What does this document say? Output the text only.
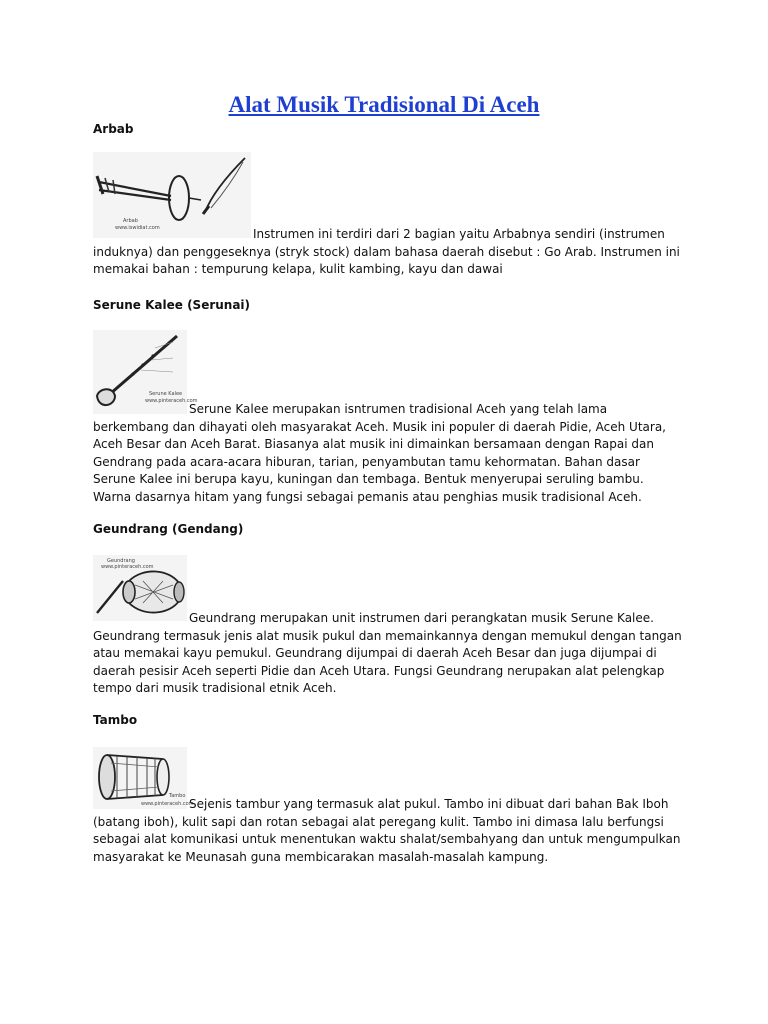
Alat Musik Tradisional Di Aceh

Arbab

Arbab
www.iswidiat.com	Instrumen ini terdiri dari 2 bagian yaitu Arbabnya sendiri (instrumen induknya) dan penggeseknya (stryk stock) dalam bahasa daerah disebut : Go Arab. Instrumen ini memakai bahan : tempurung kelapa, kulit kambing, kayu dan dawai

Serune Kalee (Serunai)

Serune Kalee
www.pinteraceh.com

Serune Kalee merupakan isntrumen tradisional Aceh yang telah lama berkembang dan dihayati oleh masyarakat Aceh. Musik ini populer di daerah Pidie, Aceh Utara, Aceh Besar dan Aceh Barat. Biasanya alat musik ini dimainkan bersamaan dengan Rapai dan Gendrang pada acara-acara hiburan, tarian, penyambutan tamu kehormatan. Bahan dasar Serune Kalee ini berupa kayu, kuningan dan tembaga. Bentuk menyerupai seruling bambu. Warna dasarnya hitam yang fungsi sebagai pemanis atau penghias musik tradisional Aceh.

Geundrang (Gendang)

Geundrang
www.pinteraceh.com

Geundrang merupakan unit instrumen dari perangkatan musik Serune Kalee. Geundrang termasuk jenis alat musik pukul dan memainkannya dengan memukul dengan tangan atau memakai kayu pemukul. Geundrang dijumpai di daerah Aceh Besar dan juga dijumpai di daerah pesisir Aceh seperti Pidie dan Aceh Utara. Fungsi Geundrang nerupakan alat pelengkap tempo dari musik tradisional etnik Aceh.

Tambo

Tambo
www.pinteraceh.com

Sejenis tambur yang termasuk alat pukul. Tambo ini dibuat dari bahan Bak Iboh (batang iboh), kulit sapi dan rotan sebagai alat peregang kulit. Tambo ini dimasa lalu berfungsi sebagai alat komunikasi untuk menentukan waktu shalat/sembahyang dan untuk mengumpulkan masyarakat ke Meunasah guna membicarakan masalah-masalah kampung.
